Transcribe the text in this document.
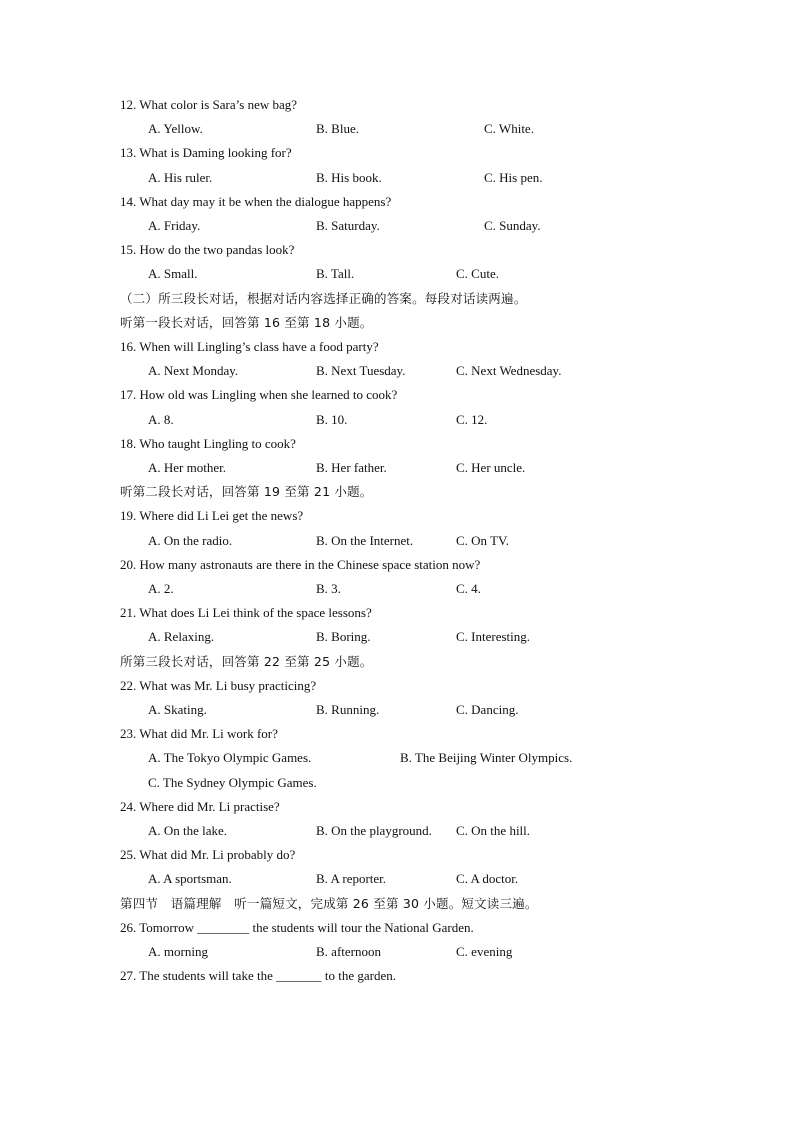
12. What color is Sara’s new bag?
A. Yellow.	B. Blue.	C. White.
13. What is Daming looking for?
A. His ruler.	B. His book.	C. His pen.
14. What day may it be when the dialogue happens?
A. Friday.	B. Saturday.	C. Sunday.
15. How do the two pandas look?
A. Small.	B. Tall.	C. Cute.
（二）所三段长对话，根据对话内容选择正确的答案。每段对话读两遍。
听第一段长对话，回答第 16 至第 18 小题。
16. When will Lingling’s class have a food party?
A. Next Monday.	B. Next Tuesday.	C. Next Wednesday.
17. How old was Lingling when she learned to cook?
A. 8.	B. 10.	C. 12.
18. Who taught Lingling to cook?
A. Her mother.	B. Her father.	C. Her uncle.
听第二段长对话，回答第 19 至第 21 小题。
19. Where did Li Lei get the news?
A. On the radio.	B. On the Internet.	C. On TV.
20. How many astronauts are there in the Chinese space station now?
A. 2.	B. 3.	C. 4.
21. What does Li Lei think of the space lessons?
A. Relaxing.	B. Boring.	C. Interesting.
所第三段长对话，回答第 22 至第 25 小题。
22. What was Mr. Li busy practicing?
A. Skating.	B. Running.	C. Dancing.
23. What did Mr. Li work for?
A. The Tokyo Olympic Games.	B. The Beijing Winter Olympics.
C. The Sydney Olympic Games.
24. Where did Mr. Li practise?
A. On the lake.	B. On the playground. C. On the hill.
25. What did Mr. Li probably do?
A. A sportsman.	B. A reporter.	C. A doctor.
第四节　语篇理解　听一篇短文，完成第 26 至第 30 小题。短文读三遍。
26. Tomorrow ________ the students will tour the National Garden.
A. morning	B. afternoon	C. evening
27. The students will take the _______ to the garden.
